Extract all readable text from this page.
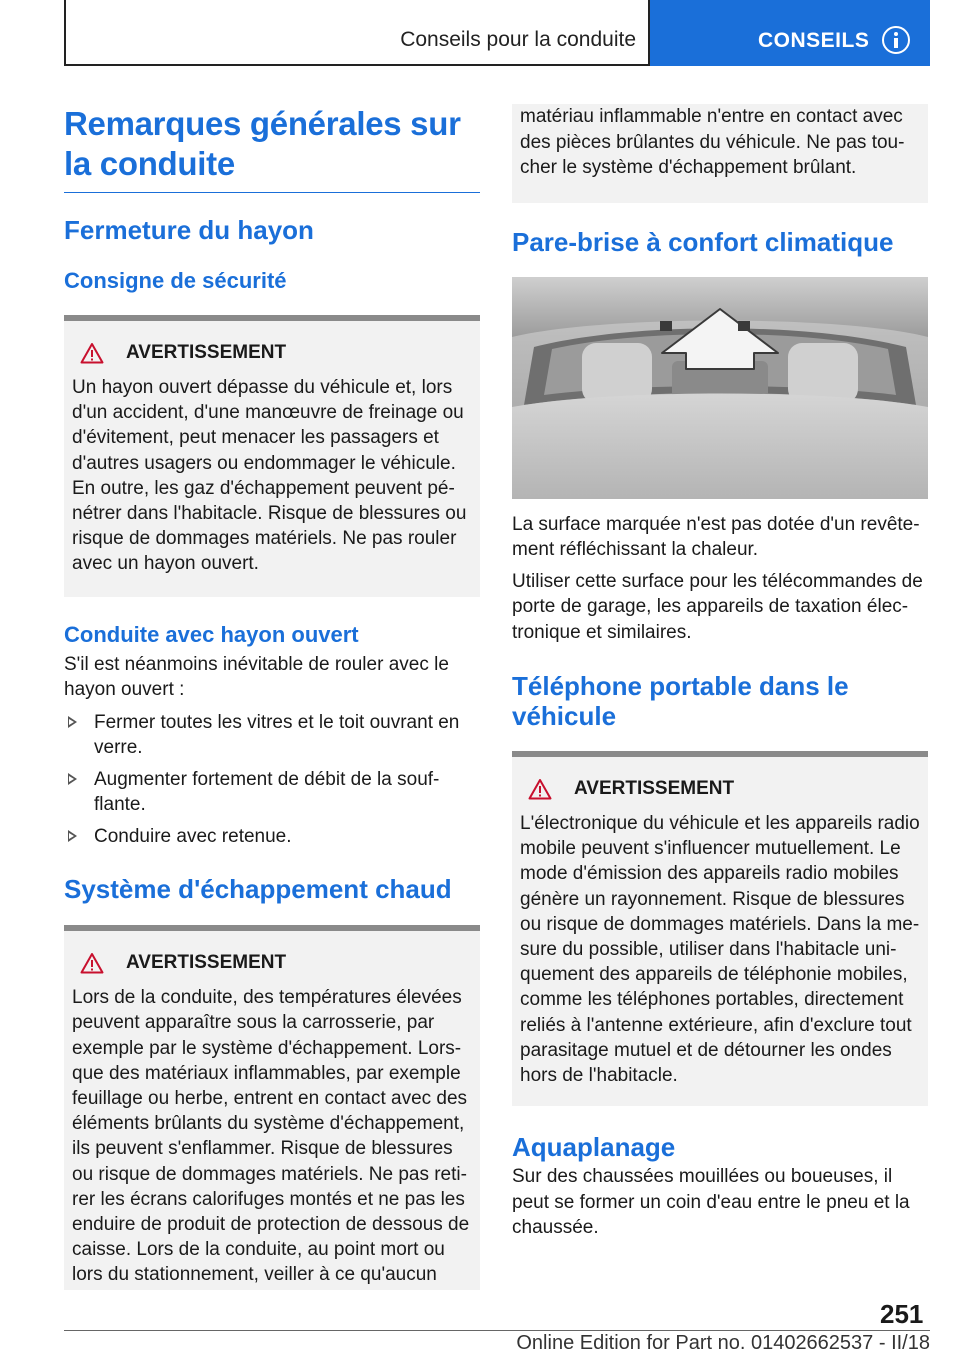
Conseils pour la conduite	CONSEILS
Remarques générales sur la conduite
Fermeture du hayon
Consigne de sécurité
AVERTISSEMENT
Un hayon ouvert dépasse du véhicule et, lors
d'un accident, d'une manœuvre de freinage ou
d'évitement, peut menacer les passagers et
d'autres usagers ou endommager le véhicule.
En outre, les gaz d'échappement peuvent pé-
nétrer dans l'habitacle. Risque de blessures ou
risque de dommages matériels. Ne pas rouler
avec un hayon ouvert.
Conduite avec hayon ouvert
S'il est néanmoins inévitable de rouler avec le
hayon ouvert :
Fermer toutes les vitres et le toit ouvrant en
verre.
Augmenter fortement de débit de la souf-
flante.
Conduire avec retenue.
Système d'échappement chaud
AVERTISSEMENT
Lors de la conduite, des températures élevées
peuvent apparaître sous la carrosserie, par
exemple par le système d'échappement. Lors-
que des matériaux inflammables, par exemple
feuillage ou herbe, entrent en contact avec des
éléments brûlants du système d'échappement,
ils peuvent s'enflammer. Risque de blessures
ou risque de dommages matériels. Ne pas reti-
rer les écrans calorifuges montés et ne pas les
enduire de produit de protection de dessous de
caisse. Lors de la conduite, au point mort ou
lors du stationnement, veiller à ce qu'aucun
matériau inflammable n'entre en contact avec
des pièces brûlantes du véhicule. Ne pas tou-
cher le système d'échappement brûlant.
Pare-brise à confort climatique
La surface marquée n'est pas dotée d'un revête-
ment réfléchissant la chaleur.
Utiliser cette surface pour les télécommandes de
porte de garage, les appareils de taxation élec-
tronique et similaires.
Téléphone portable dans le véhicule
AVERTISSEMENT
L'électronique du véhicule et les appareils radio
mobile peuvent s'influencer mutuellement. Le
mode d'émission des appareils radio mobiles
génère un rayonnement. Risque de blessures
ou risque de dommages matériels. Dans la me-
sure du possible, utiliser dans l'habitacle uni-
quement des appareils de téléphonie mobiles,
comme les téléphones portables, directement
reliés à l'antenne extérieure, afin d'exclure tout
parasitage mutuel et de détourner les ondes
hors de l'habitacle.
Aquaplanage
Sur des chaussées mouillées ou boueuses, il
peut se former un coin d'eau entre le pneu et la
chaussée.
251
Online Edition for Part no. 01402662537 - II/18
